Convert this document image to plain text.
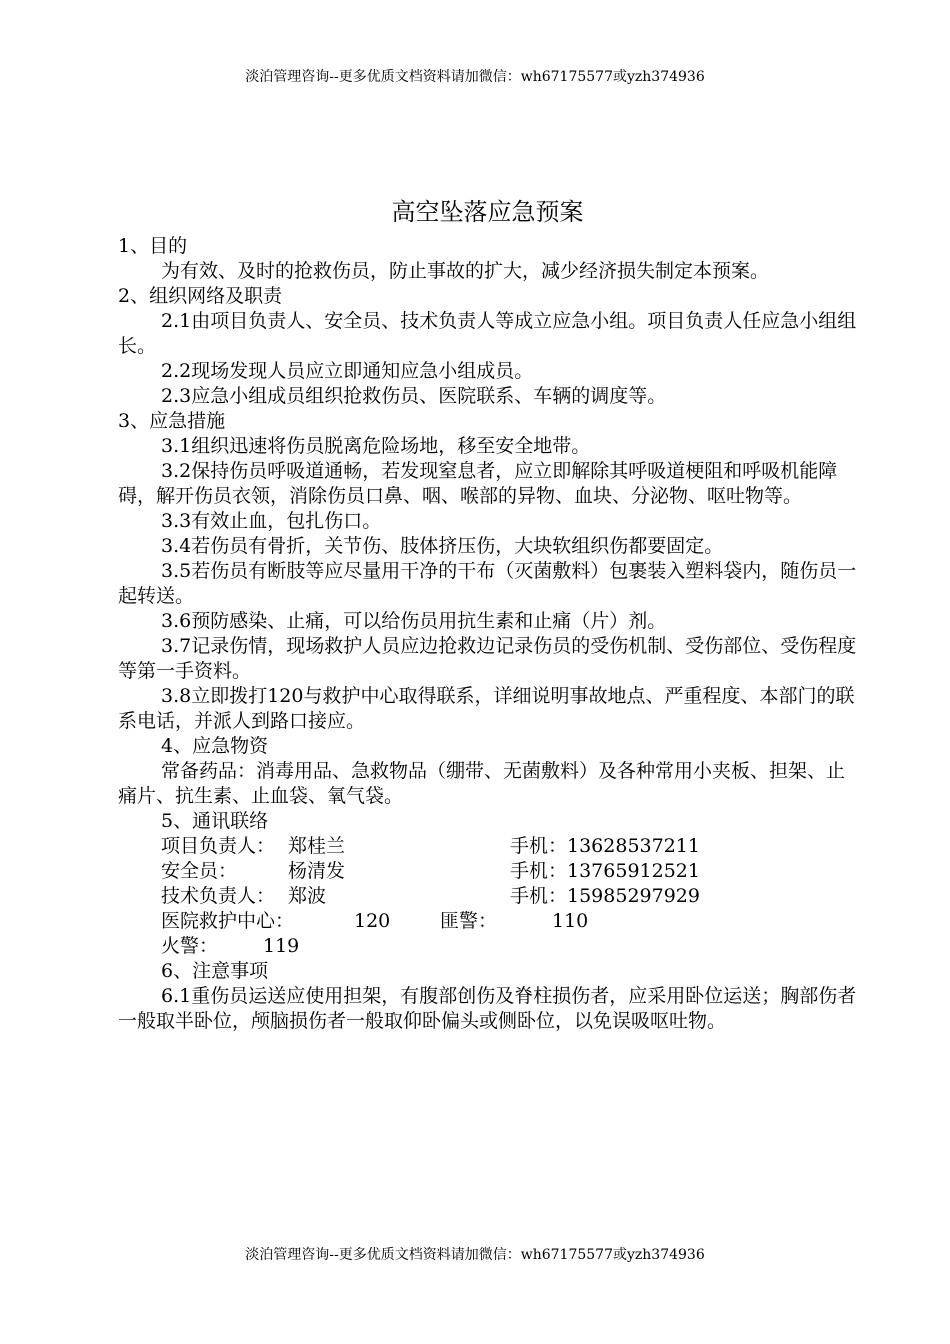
淡泊管理咨询--更多优质文档资料请加微信：wh67175577或yzh374936
高空坠落应急预案

1、目的

为有效、及时的抢救伤员，防止事故的扩大，减少经济损失制定本预案。

2、组织网络及职责

2.1由项目负责人、安全员、技术负责人等成立应急小组。项目负责人任应急小组组长。

2.2现场发现人员应立即通知应急小组成员。

2.3应急小组成员组织抢救伤员、医院联系、车辆的调度等。

3、应急措施

3.1组织迅速将伤员脱离危险场地，移至安全地带。

3.2保持伤员呼吸道通畅，若发现窒息者，应立即解除其呼吸道梗阻和呼吸机能障碍，解开伤员衣领，消除伤员口鼻、咽、喉部的异物、血块、分泌物、呕吐物等。

3.3有效止血，包扎伤口。

3.4若伤员有骨折，关节伤、肢体挤压伤，大块软组织伤都要固定。

3.5若伤员有断肢等应尽量用干净的干布（灭菌敷料）包裹装入塑料袋内，随伤员一起转送。

3.6预防感染、止痛，可以给伤员用抗生素和止痛（片）剂。

3.7记录伤情，现场救护人员应边抢救边记录伤员的受伤机制、受伤部位、受伤程度等第一手资料。

3.8立即拨打120与救护中心取得联系，详细说明事故地点、严重程度、本部门的联系电话，并派人到路口接应。

4、应急物资

常备药品：消毒用品、急救物品（绷带、无菌敷料）及各种常用小夹板、担架、止痛片、抗生素、止血袋、氧气袋。

5、通讯联络

项目负责人： 郑桂兰	手机：13628537211
安全员：	杨清发	手机：13765912521
技术负责人： 郑波	手机：15985297929
医院救护中心：	120	匪警：	110
火警： 119

6、注意事项

6.1重伤员运送应使用担架，有腹部创伤及脊柱损伤者，应采用卧位运送；胸部伤者一般取半卧位，颅脑损伤者一般取仰卧偏头或侧卧位，以免误吸呕吐物。

淡泊管理咨询--更多优质文档资料请加微信：wh67175577或yzh374936
